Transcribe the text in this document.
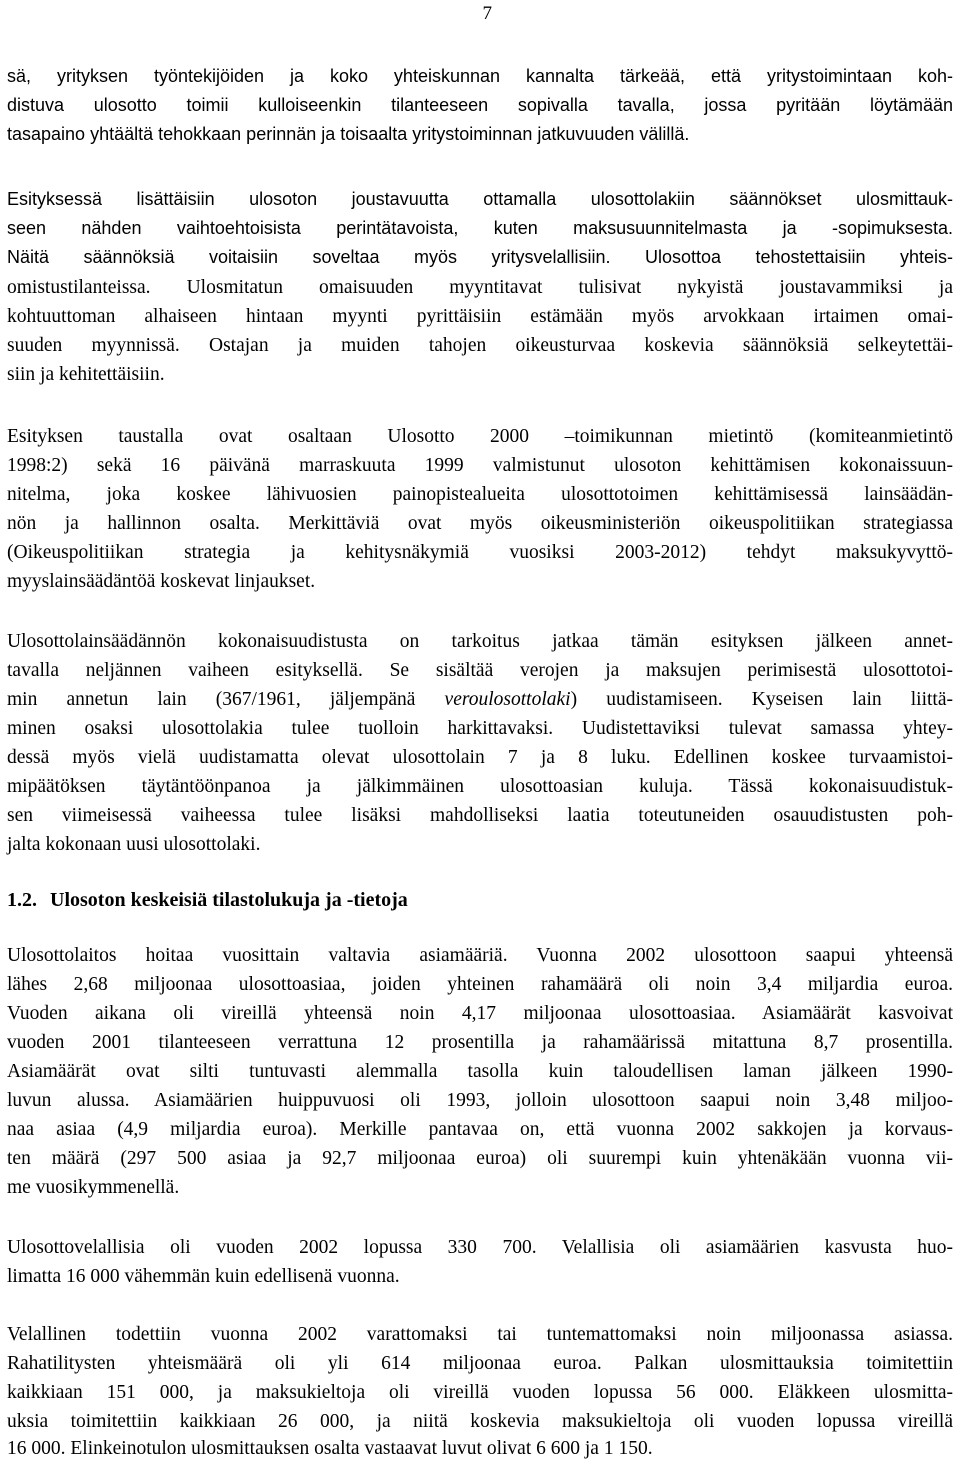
7
sä, yrityksen työntekijöiden ja koko yhteiskunnan kannalta tärkeää, että yritystoimintaan koh-
distuva ulosotto toimii kulloiseenkin tilanteeseen sopivalla tavalla, jossa pyritään löytämään
tasapaino yhtäältä tehokkaan perinnän ja toisaalta yritystoiminnan jatkuvuuden välillä.
Esityksessä lisättäisiin ulosoton joustavuutta ottamalla ulosottolakiin säännökset ulosmittauk-
seen nähden vaihtoehtoisista perintätavoista, kuten maksusuunnitelmasta ja -sopimuksesta.
Näitä säännöksiä voitaisiin soveltaa myös yritysvelallisiin. Ulosottoa tehostettaisiin yhteis-
omistustilanteissa. Ulosmitatun omaisuuden myyntitavat tulisivat nykyistä joustavammiksi ja
kohtuuttoman alhaiseen hintaan myynti pyrittäisiin estämään myös arvokkaan irtaimen omai-
suuden myynnissä. Ostajan ja muiden tahojen oikeusturvaa koskevia säännöksiä selkeytettäi-
siin ja kehitettäisiin.
Esityksen taustalla ovat osaltaan Ulosotto 2000 –toimikunnan mietintö (komiteanmietintö
1998:2) sekä 16 päivänä marraskuuta 1999 valmistunut ulosoton kehittämisen kokonaissuun-
nitelma, joka koskee lähivuosien painopistealueita ulosottotoimen kehittämisessä lainsäädän-
nön ja hallinnon osalta. Merkittäviä ovat myös oikeusministeriön oikeuspolitiikan strategiassa
(Oikeuspolitiikan strategia ja kehitysnäkymiä vuosiksi 2003-2012) tehdyt maksukyvyttö-
myyslainsäädäntöä koskevat linjaukset.
Ulosottolainsäädännön kokonaisuudistusta on tarkoitus jatkaa tämän esityksen jälkeen annet-
tavalla neljännen vaiheen esityksellä. Se sisältää verojen ja maksujen perimisestä ulosottotoi-
min annetun lain (367/1961, jäljempänä veroulosottolaki) uudistamiseen. Kyseisen lain liittä-
minen osaksi ulosottolakia tulee tuolloin harkittavaksi. Uudistettaviksi tulevat samassa yhtey-
dessä myös vielä uudistamatta olevat ulosottolain 7 ja 8 luku. Edellinen koskee turvaamistoi-
mipäätöksen täytäntöönpanoa ja jälkimmäinen ulosottoasian kuluja. Tässä kokonaisuudistuk-
sen viimeisessä vaiheessa tulee lisäksi mahdolliseksi laatia toteutuneiden osauudistusten poh-
jalta kokonaan uusi ulosottolaki.
1.2. Ulosoton keskeisiä tilastolukuja ja -tietoja
Ulosottolaitos hoitaa vuosittain valtavia asiamääriä. Vuonna 2002 ulosottoon saapui yhteensä
lähes 2,68 miljoonaa ulosottoasiaa, joiden yhteinen rahamäärä oli noin 3,4 miljardia euroa.
Vuoden aikana oli vireillä yhteensä noin 4,17 miljoonaa ulosottoasiaa. Asiamäärät kasvoivat
vuoden 2001 tilanteeseen verrattuna 12 prosentilla ja rahamäärissä mitattuna 8,7 prosentilla.
Asiamäärät ovat silti tuntuvasti alemmalla tasolla kuin taloudellisen laman jälkeen 1990-
luvun alussa. Asiamäärien huippuvuosi oli 1993, jolloin ulosottoon saapui noin 3,48 miljoo-
naa asiaa (4,9 miljardia euroa). Merkille pantavaa on, että vuonna 2002 sakkojen ja korvaus-
ten määrä (297 500 asiaa ja 92,7 miljoonaa euroa) oli suurempi kuin yhtenäkään vuonna vii-
me vuosikymmenellä.
Ulosottovelallisia oli vuoden 2002 lopussa 330 700. Velallisia oli asiamäärien kasvusta huo-
limatta 16 000 vähemmän kuin edellisenä vuonna.
Velallinen todettiin vuonna 2002 varattomaksi tai tuntemattomaksi noin miljoonassa asiassa.
Rahatilitysten yhteismäärä oli yli 614 miljoonaa euroa. Palkan ulosmittauksia toimitettiin
kaikkiaan 151 000, ja maksukieltoja oli vireillä vuoden lopussa 56 000. Eläkkeen ulosmitta-
uksia toimitettiin kaikkiaan 26 000, ja niitä koskevia maksukieltoja oli vuoden lopussa vireillä
16 000. Elinkeinotulon ulosmittauksen osalta vastaavat luvut olivat 6 600 ja 1 150.
